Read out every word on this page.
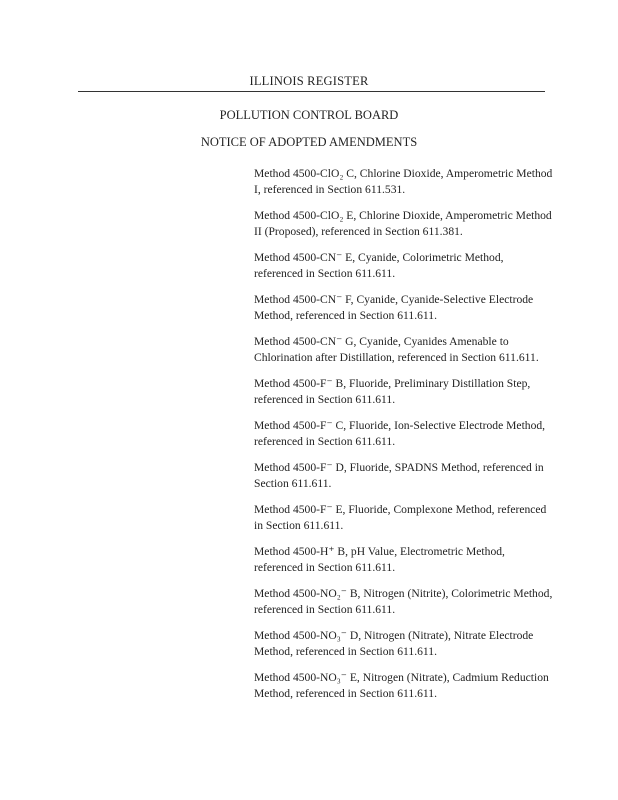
ILLINOIS REGISTER
POLLUTION CONTROL BOARD
NOTICE OF ADOPTED AMENDMENTS
Method 4500-ClO₂ C, Chlorine Dioxide, Amperometric Method I, referenced in Section 611.531.
Method 4500-ClO₂ E, Chlorine Dioxide, Amperometric Method II (Proposed), referenced in Section 611.381.
Method 4500-CN⁻ E, Cyanide, Colorimetric Method, referenced in Section 611.611.
Method 4500-CN⁻ F, Cyanide, Cyanide-Selective Electrode Method, referenced in Section 611.611.
Method 4500-CN⁻ G, Cyanide, Cyanides Amenable to Chlorination after Distillation, referenced in Section 611.611.
Method 4500-F⁻ B, Fluoride, Preliminary Distillation Step, referenced in Section 611.611.
Method 4500-F⁻ C, Fluoride, Ion-Selective Electrode Method, referenced in Section 611.611.
Method 4500-F⁻ D, Fluoride, SPADNS Method, referenced in Section 611.611.
Method 4500-F⁻ E, Fluoride, Complexone Method, referenced in Section 611.611.
Method 4500-H⁺ B, pH Value, Electrometric Method, referenced in Section 611.611.
Method 4500-NO₂⁻ B, Nitrogen (Nitrite), Colorimetric Method, referenced in Section 611.611.
Method 4500-NO₃⁻ D, Nitrogen (Nitrate), Nitrate Electrode Method, referenced in Section 611.611.
Method 4500-NO₃⁻ E, Nitrogen (Nitrate), Cadmium Reduction Method, referenced in Section 611.611.
